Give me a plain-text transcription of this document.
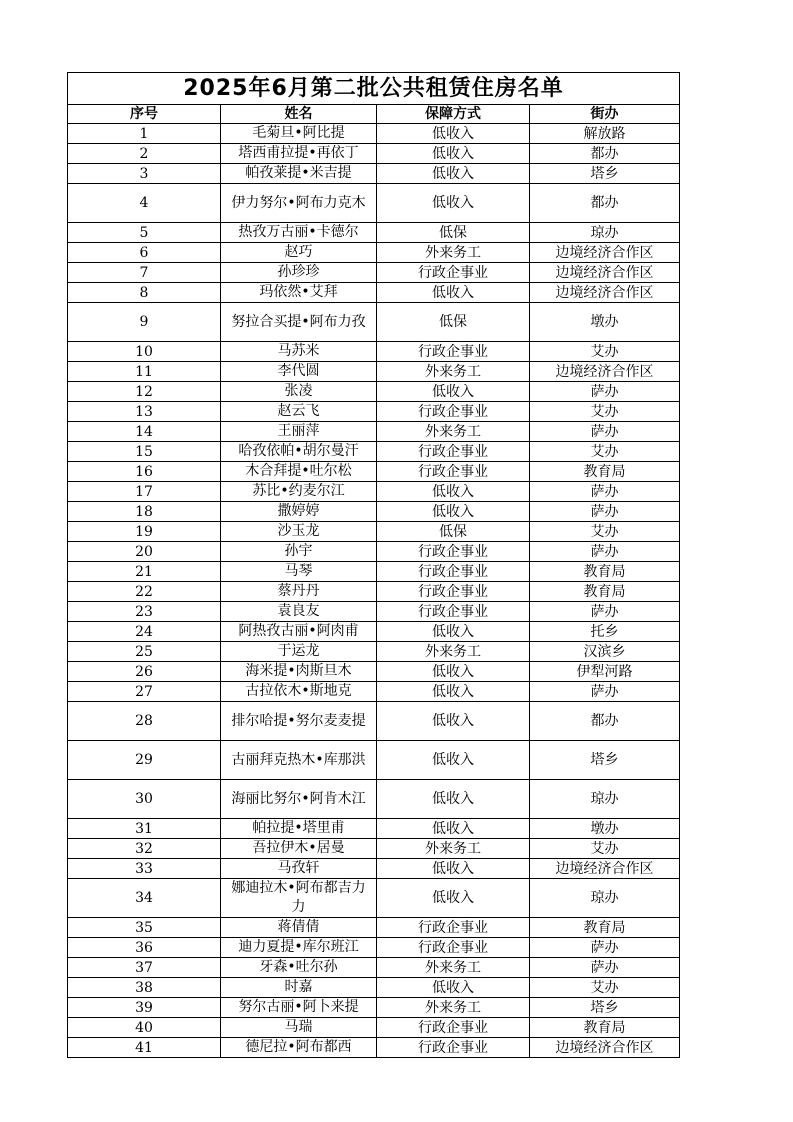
2025年6月第二批公共租赁住房名单			
序号	姓名	保障方式	街办
1	毛菊旦•阿比提	低收入	解放路
2	塔西甫拉提•再依丁	低收入	都办
3	帕孜莱提•米吉提	低收入	塔乡
4	伊力努尔•阿布力克木	低收入	都办
5	热孜万古丽•卡德尔	低保	琼办
6	赵巧	外来务工	边境经济合作区
7	孙珍珍	行政企事业	边境经济合作区
8	玛依然•艾拜	低收入	边境经济合作区
9	努拉合买提•阿布力孜	低保	墩办
10	马苏米	行政企事业	艾办
11	李代圆	外来务工	边境经济合作区
12	张凌	低收入	萨办
13	赵云飞	行政企事业	艾办
14	王丽萍	外来务工	萨办
15	哈孜依帕•胡尔曼汗	行政企事业	艾办
16	木合拜提•吐尔松	行政企事业	教育局
17	苏比•约麦尔江	低收入	萨办
18	撒婷婷	低收入	萨办
19	沙玉龙	低保	艾办
20	孙宇	行政企事业	萨办
21	马琴	行政企事业	教育局
22	蔡丹丹	行政企事业	教育局
23	袁良友	行政企事业	萨办
24	阿热孜古丽•阿肉甫	低收入	托乡
25	于运龙	外来务工	汉滨乡
26	海米提•肉斯旦木	低收入	伊犁河路
27	古拉依木•斯地克	低收入	萨办
28	排尔哈提•努尔麦麦提	低收入	都办
29	古丽拜克热木•库那洪	低收入	塔乡
30	海丽比努尔•阿肯木江	低收入	琼办
31	帕拉提•塔里甫	低收入	墩办
32	吾拉伊木•居曼	外来务工	艾办
33	马孜轩	低收入	边境经济合作区
34	娜迪拉木•阿布都吉力力	低收入	琼办
35	蒋倩倩	行政企事业	教育局
36	迪力夏提•库尔班江	行政企事业	萨办
37	牙森•吐尔孙	外来务工	萨办
38	时嘉	低收入	艾办
39	努尔古丽•阿卜来提	外来务工	塔乡
40	马瑞	行政企事业	教育局
41	德尼拉•阿布都西	行政企事业	边境经济合作区
